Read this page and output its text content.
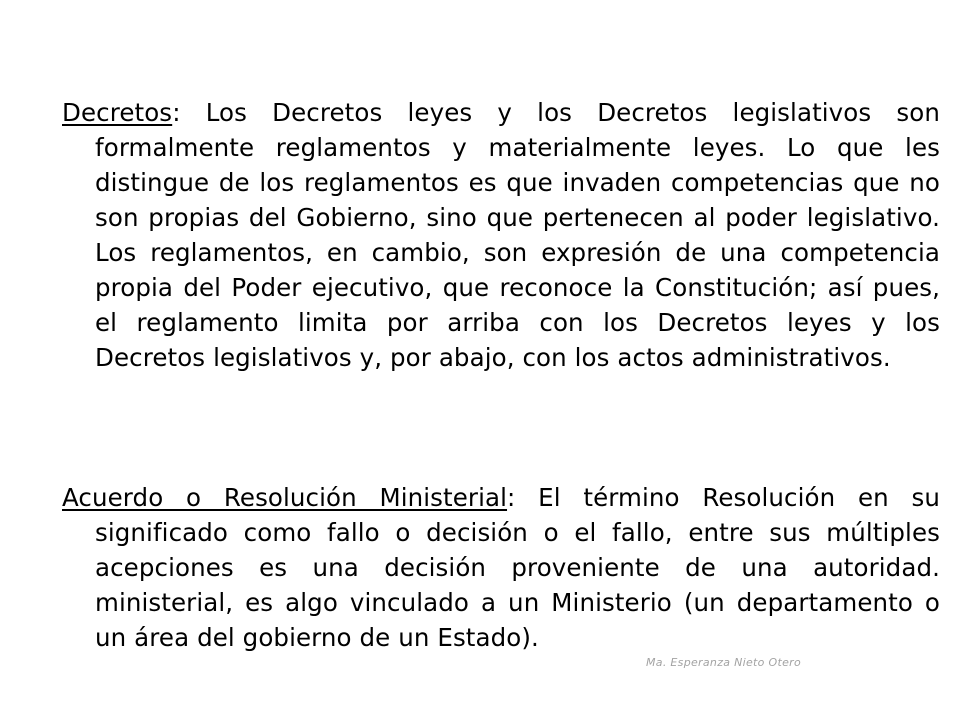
Decretos: Los Decretos leyes y los Decretos legislativos son formalmente reglamentos y materialmente leyes. Lo que les distingue de los reglamentos es que invaden competencias que no son propias del Gobierno, sino que pertenecen al poder legislativo. Los reglamentos, en cambio, son expresión de una competencia propia del Poder ejecutivo, que reconoce la Constitución; así pues, el reglamento limita por arriba con los Decretos leyes y los Decretos legislativos y, por abajo, con los actos administrativos.

Acuerdo o Resolución Ministerial: El término Resolución en su significado como fallo o decisión o el fallo, entre sus múltiples acepciones es una decisión proveniente de una autoridad. ministerial, es algo vinculado a un Ministerio (un departamento o un área del gobierno de un Estado).

Ma. Esperanza Nieto Otero
